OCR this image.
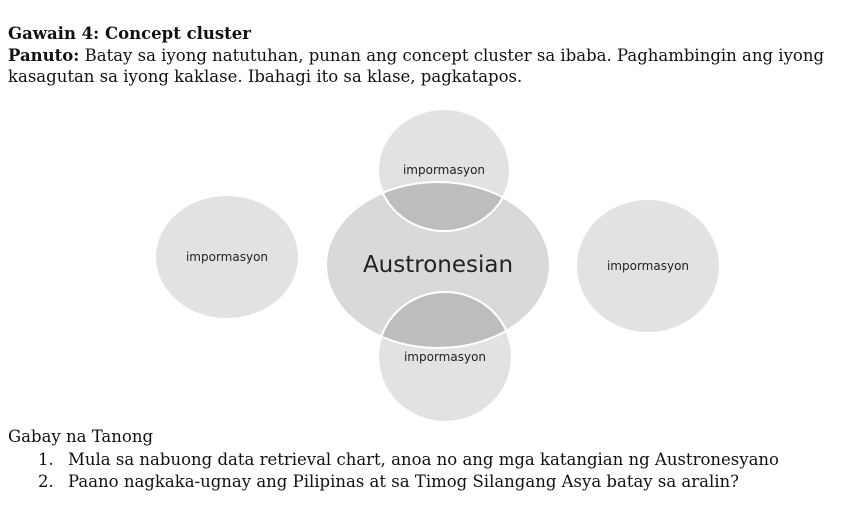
Gawain 4: Concept cluster
Panuto: Batay sa iyong natutuhan, punan ang concept cluster sa ibaba. Paghambingin ang iyong kasagutan sa iyong kaklase. Ibahagi ito sa klase, pagkatapos.
Austronesian
impormasyon
impormasyon
impormasyon
impormasyon
Gabay na Tanong
1. Mula sa nabuong data retrieval chart, anoa no ang mga katangian ng Austronesyano
2. Paano nagkaka-ugnay ang Pilipinas at sa Timog Silangang Asya batay sa aralin?
